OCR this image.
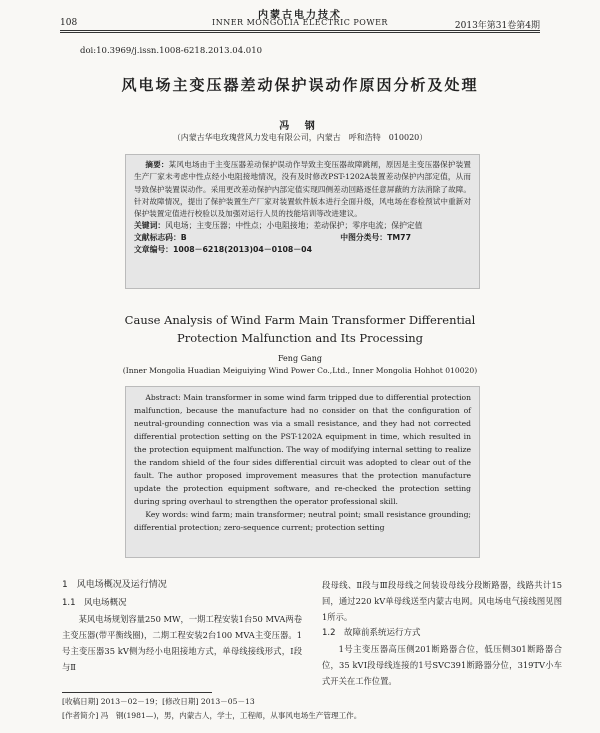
内蒙古电力技术
108	INNER MONGOLIA ELECTRIC POWER	2013年第31卷第4期
doi:10.3969/j.issn.1008-6218.2013.04.010
风电场主变压器差动保护误动作原因分析及处理
冯 钢
（内蒙古华电玫瑰营风力发电有限公司，内蒙古　呼和浩特　010020）
摘要：某风电场由于主变压器差动保护误动作导致主变压器故障跳闸，原因是主变压器保护装置生产厂家未考虑中性点经小电阻接地情况，没有及时修改PST-1202A装置差动保护内部定值，从而导致保护装置误动作。采用更改差动保护内部定值实现四侧差动回路逐任意屏蔽的方法消除了故障。针对故障情况，提出了保护装置生产厂家对装置软件版本进行全面升级，风电场在春检预试中重新对保护装置定值进行校验以及加强对运行人员的技能培训等改进建议。
关键词：风电场；主变压器；中性点；小电阻接地；差动保护；零序电流；保护定值
文献标志码：B	中图分类号：TM77
文章编号：1008－6218(2013)04－0108－04
Cause Analysis of Wind Farm Main Transformer Differential
Protection Malfunction and Its Processing
Feng Gang
(Inner Mongolia Huadian Meiguiying Wind Power Co.,Ltd., Inner Mongolia Hohhot 010020)
Abstract: Main transformer in some wind farm tripped due to differential protection malfunction, because the manufacture had no consider on that the configuration of neutral-grounding connection was via a small resistance, and they had not corrected differential protection setting on the PST-1202A equipment in time, which resulted in the protection equipment malfunction. The way of modifying internal setting to realize the random shield of the four sides differential circuit was adopted to clear out of the fault. The author proposed improvement measures that the protection manufacture update the protection equipment software, and re-checked the protection setting during spring overhaul to strengthen the operator professional skill.
Key words: wind farm; main transformer; neutral point; small resistance grounding; differential protection; zero-sequence current; protection setting
1　风电场概况及运行情况
1.1　风电场概况
某风电场规划容量250 MW，一期工程安装1台50 MVA两卷主变压器(带平衡线圈)，二期工程安装2台100 MVA主变压器。1号主变压器35 kV侧为经小电阻接地方式，单母线接线形式，Ⅰ段与Ⅱ
段母线、Ⅱ段与Ⅲ段母线之间装设母线分段断路器，线路共计15回，通过220 kV单母线送至内蒙古电网。风电场电气接线图见图1所示。
1.2　故障前系统运行方式
1号主变压器高压侧201断路器合位，低压侧301断路器合位，35 kVⅠ段母线连接的1号SVC391断路器分位，319TV小车式开关在工作位置。
[收稿日期] 2013－02－19；[修改日期] 2013－05－13
[作者简介] 冯　钢(1981—)，男，内蒙古人，学士，工程师，从事风电场生产管理工作。
